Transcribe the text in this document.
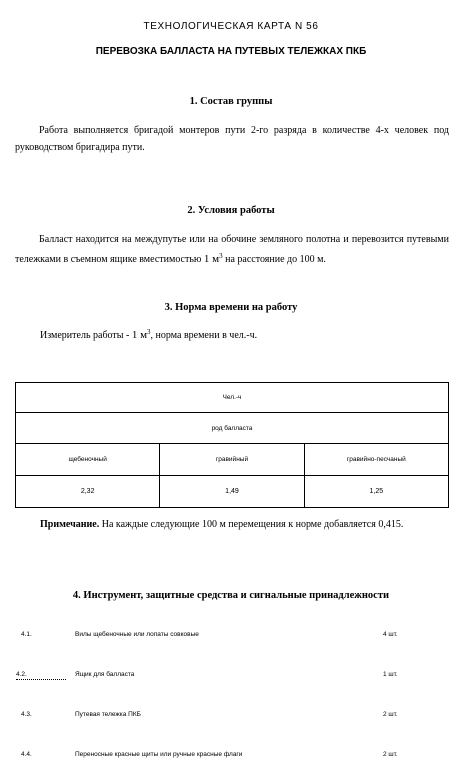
ТЕХНОЛОГИЧЕСКАЯ КАРТА N 56
ПЕРЕВОЗКА БАЛЛАСТА НА ПУТЕВЫХ ТЕЛЕЖКАХ ПКБ
1. Состав группы
Работа выполняется бригадой монтеров пути 2-го разряда в количестве 4-х человек под руководством бригадира пути.
2. Условия работы
Балласт находится на междупутье или на обочине земляного полотна и перевозится путевыми тележками в съемном ящике вместимостью 1 $м^3$ на расстояние до 100 м.
3. Норма времени на работу
Измеритель работы - 1 $м^3$, норма времени в чел.-ч.
Чел.-ч		
род балласта		
щебеночный	гравийный	гравийно-песчаный
2,32	1,49	1,25
Примечание. На каждые следующие 100 м перемещения к норме добавляется 0,415.
4. Инструмент, защитные средства и сигнальные принадлежности
4.1.	Вилы щебеночные или лопаты совковые	4 шт.
4.2.	Ящик для балласта	1 шт.
4.3.	Путевая тележка ПКБ	2 шт.
4.4.	Переносные красные щиты или ручные красные флаги	2 шт.
